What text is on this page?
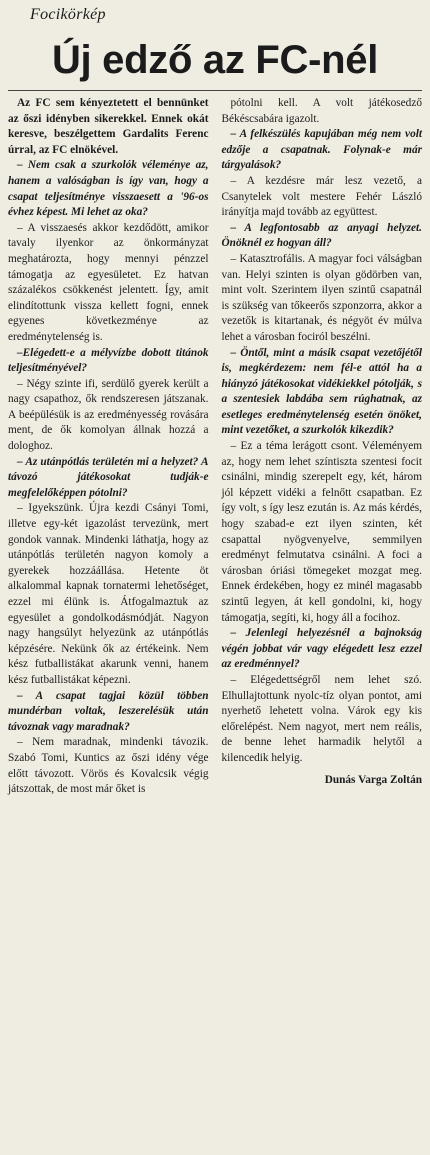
Focikörkép
Új edző az FC-nél

Az FC sem kényeztetett el bennünket az őszi idényben sikerekkel. Ennek okát keresve, beszélgettem Gardalits Ferenc úrral, az FC elnökével.

– Nem csak a szurkolók véleménye az, hanem a valóságban is így van, hogy a csapat teljesítménye visszaesett a '96-os évhez képest. Mi lehet az oka?

– A visszaesés akkor kezdődött, amikor tavaly ilyenkor az önkormányzat meghatározta, hogy mennyi pénzzel támogatja az egyesületet. Ez hatvan százalékos csökkenést jelentett. Így, amit elindítottunk vissza kellett fogni, ennek egyenes következménye az eredménytelenség is.

–Elégedett-e a mélyvízbe dobott titánok teljesítményével?

– Négy szinte ifi, serdülő gyerek került a nagy csapathoz, ők rendszeresen játszanak. A beépülésük is az eredményesség rovására ment, de ők komolyan állnak hozzá a dologhoz.

– Az utánpótlás területén mi a helyzet? A távozó játékosokat tudják-e megfelelőképpen pótolni?

– Igyekszünk. Újra kezdi Csányi Tomi, illetve egy-két igazolást tervezünk, mert gondok vannak. Mindenki láthatja, hogy az utánpótlás területén nagyon komoly a gyerekek hozzáállása. Hetente öt alkalommal kapnak tornatermi lehetőséget, ezzel mi élünk is. Átfogalmaztuk az egyesület a gondolkodásmódját. Nagyon nagy hangsúlyt helyezünk az utánpótlás képzésére. Nekünk ők az értékeink. Nem kész futballistákat akarunk venni, hanem kész futballistákat képezni.

– A csapat tagjai közül többen mundérban voltak, leszerelésük után távoznak vagy maradnak?

– Nem maradnak, mindenki távozik. Szabó Tomi, Kuntics az őszi idény vége előtt távozott. Vörös és Kovalcsik végig játszottak, de most már őket is

pótolni kell. A volt játékosedző Békéscsabára igazolt.

– A felkészülés kapujában még nem volt edzője a csapatnak. Folynak-e már tárgyalások?

– A kezdésre már lesz vezető, a Csanytelek volt mestere Fehér László irányítja majd tovább az együttest.

– A legfontosabb az anyagi helyzet. Önöknél ez hogyan áll?

– Katasztrofális. A magyar foci válságban van. Helyi szinten is olyan gödörben van, mint volt. Szerintem ilyen szintű csapatnál is szükség van tőkeerős szponzorra, akkor a vezetők is kitartanak, és négyöt év múlva lehet a városban fociról beszélni.

– Öntől, mint a másik csapat vezetőjétől is, megkérdezem: nem fél-e attól ha a hiányzó játékosokat vidékiekkel pótolják, s a szentesiek labdába sem rúghatnak, az esetleges eredménytelenség esetén önöket, mint vezetőket, a szurkolók kikezdik?

– Ez a téma lerágott csont. Véleményem az, hogy nem lehet színtiszta szentesi focit csinálni, mindig szerepelt egy, két, három jól képzett vidéki a felnőtt csapatban. Ez így volt, s így lesz ezután is. Az más kérdés, hogy szabad-e ezt ilyen szinten, két csapattal nyögvenyelve, semmilyen eredményt felmutatva csinálni. A foci a városban óriási tömegeket mozgat meg. Ennek érdekében, hogy ez minél magasabb szintű legyen, át kell gondolni, ki, hogy támogatja, segíti, ki, hogy áll a focihoz.

– Jelenlegi helyezésnél a bajnokság végén jobbat vár vagy elégedett lesz ezzel az eredménnyel?

– Elégedettségről nem lehet szó. Elhullajtottunk nyolc-tíz olyan pontot, ami nyerhető lehetett volna. Várok egy kis előrelépést. Nem nagyot, mert nem reális, de benne lehet harmadik helytől a kilencedik helyig.

Dunás Varga Zoltán
